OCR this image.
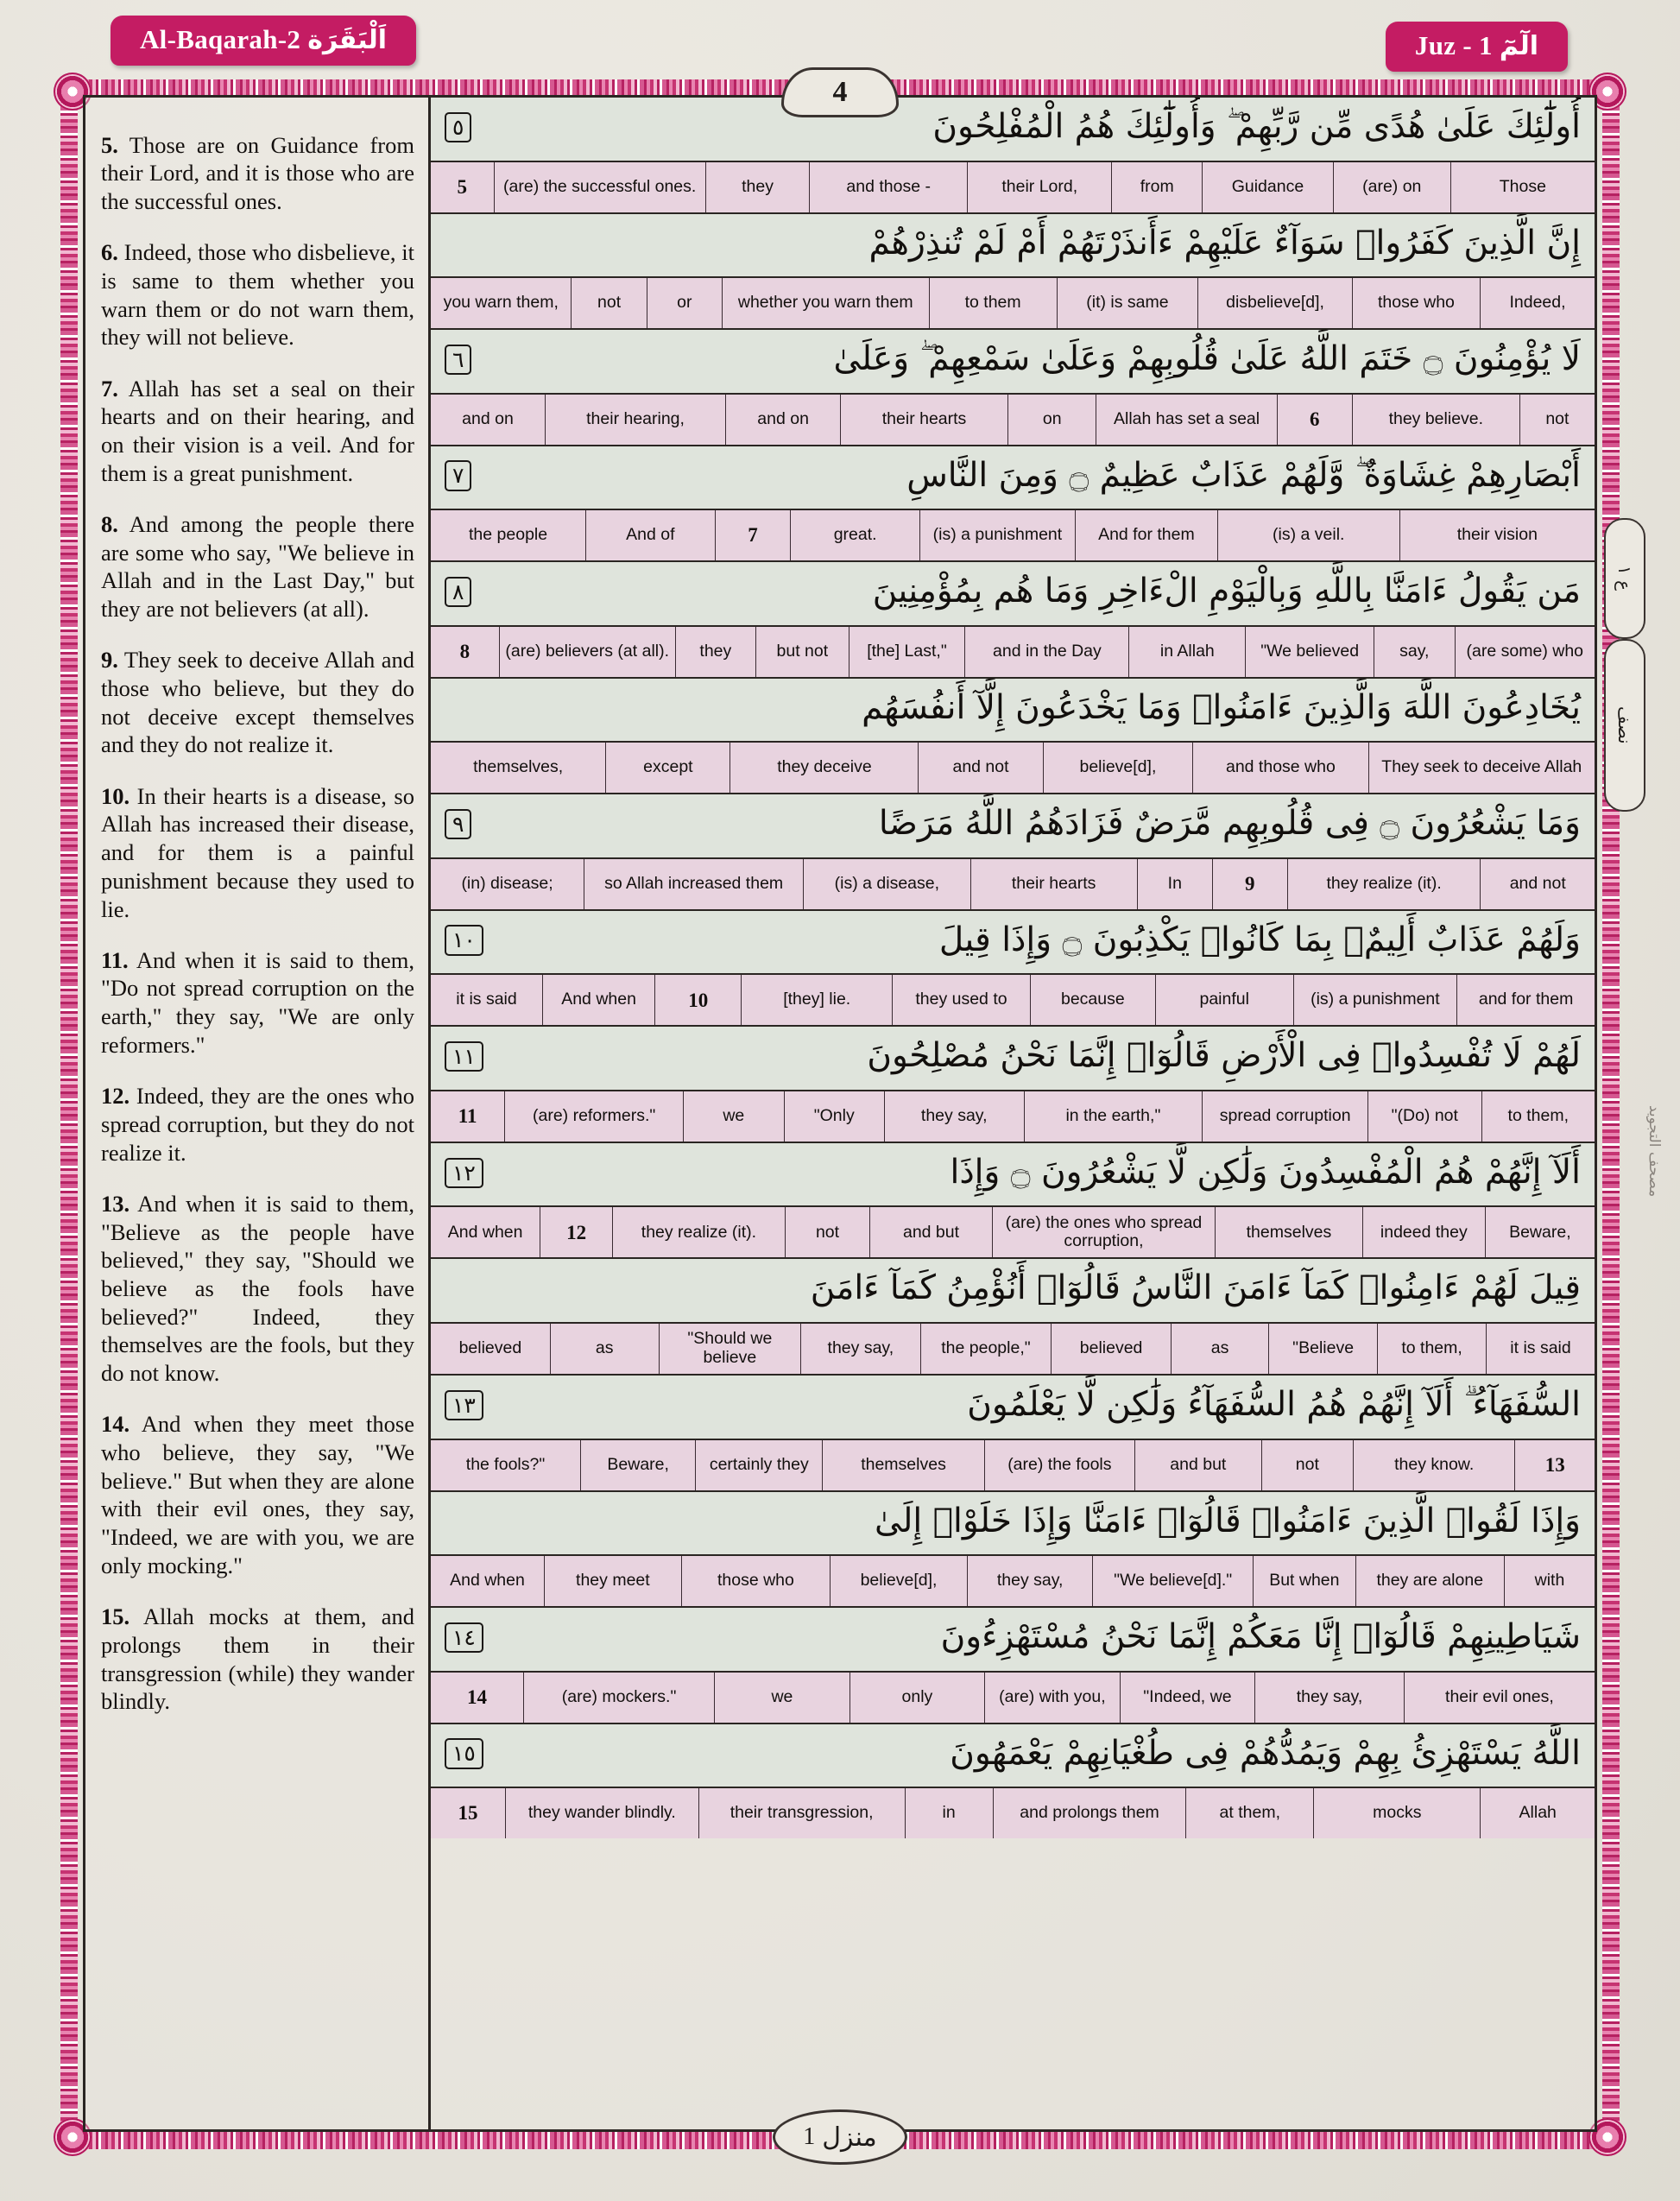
Al-Baqarah-2 اَلْبَقَرَة	Juz - 1 الٓمٓ
4
1 منزل
ع ١
نصف
مصحف التجويد

5. Those are on Guidance from their Lord, and it is those who are the successful ones.

6. Indeed, those who disbelieve, it is same to them whether you warn them or do not warn them, they will not believe.

7. Allah has set a seal on their hearts and on their hearing, and on their vision is a veil. And for them is a great punishment.

8. And among the people there are some who say, "We believe in Allah and in the Last Day," but they are not believers (at all).

9. They seek to deceive Allah and those who believe, but they do not deceive except themselves and they do not realize it.

10. In their hearts is a disease, so Allah has increased their disease, and for them is a painful punishment because they used to lie.

11. And when it is said to them, "Do not spread corruption on the earth," they say, "We are only reformers."

12. Indeed, they are the ones who spread corruption, but they do not realize it.

13. And when it is said to them, "Believe as the people have believed," they say, "Should we believe as the fools have believed?" Indeed, they themselves are the fools, but they do not know.

14. And when they meet those who believe, they say, "We believe." But when they are alone with their evil ones, they say, "Indeed, we are with you, we are only mocking."

15. Allah mocks at them, and prolongs them in their transgression (while) they wander blindly.

أُولَٰٓئِكَ عَلَىٰ هُدًى مِّن رَّبِّهِمْ ۖ وَأُولَٰٓئِكَ هُمُ الْمُفْلِحُونَ
٥
Those
(are) on
Guidance
from
their Lord,
and those -
they
(are) the successful ones.
5
إِنَّ الَّذِينَ كَفَرُوا۟ سَوَآءٌ عَلَيْهِمْ ءَأَنذَرْتَهُمْ أَمْ لَمْ تُنذِرْهُمْ
Indeed,
those who
disbelieve[d],
(it) is same
to them
whether you warn them
or
not
you warn them,
لَا يُؤْمِنُونَ ۝ خَتَمَ اللَّهُ عَلَىٰ قُلُوبِهِمْ وَعَلَىٰ سَمْعِهِمْ ۖ وَعَلَىٰ
٦
not
they believe.
6
Allah has set a seal
on
their hearts
and on
their hearing,
and on
أَبْصَارِهِمْ غِشَاوَةٌ ۖ وَّلَهُمْ عَذَابٌ عَظِيمٌ ۝ وَمِنَ النَّاسِ
٧
their vision
(is) a veil.
And for them
(is) a punishment
great.
7
And of
the people
مَن يَقُولُ ءَامَنَّا بِاللَّهِ وَبِالْيَوْمِ الْءَاخِرِ وَمَا هُم بِمُؤْمِنِينَ
٨
(are some) who
say,
"We believed
in Allah
and in the Day
[the] Last,"
but not
they
(are) believers (at all).
8
يُخَادِعُونَ اللَّهَ وَالَّذِينَ ءَامَنُوا۟ وَمَا يَخْدَعُونَ إِلَّآ أَنفُسَهُم
They seek to deceive Allah
and those who
believe[d],
and not
they deceive
except
themselves,
وَمَا يَشْعُرُونَ ۝ فِى قُلُوبِهِم مَّرَضٌ فَزَادَهُمُ اللَّهُ مَرَضًا
٩
and not
they realize (it).
9
In
their hearts
(is) a disease,
so Allah increased them
(in) disease;
وَلَهُمْ عَذَابٌ أَلِيمٌۢ بِمَا كَانُوا۟ يَكْذِبُونَ ۝ وَإِذَا قِيلَ
١٠
and for them
(is) a punishment
painful
because
they used to
[they] lie.
10
And when
it is said
لَهُمْ لَا تُفْسِدُوا۟ فِى الْأَرْضِ قَالُوٓا۟ إِنَّمَا نَحْنُ مُصْلِحُونَ
١١
to them,
"(Do) not
spread corruption
in the earth,"
they say,
"Only
we
(are) reformers."
11
أَلَآ إِنَّهُمْ هُمُ الْمُفْسِدُونَ وَلَٰكِن لَّا يَشْعُرُونَ ۝ وَإِذَا
١٢
Beware,
indeed they
themselves
(are) the ones who spread corruption,
and but
not
they realize (it).
12
And when
قِيلَ لَهُمْ ءَامِنُوا۟ كَمَآ ءَامَنَ النَّاسُ قَالُوٓا۟ أَنُؤْمِنُ كَمَآ ءَامَنَ
it is said
to them,
"Believe
as
believed
the people,"
they say,
"Should we believe
as
believed
السُّفَهَآءُ ۗ أَلَآ إِنَّهُمْ هُمُ السُّفَهَآءُ وَلَٰكِن لَّا يَعْلَمُونَ
١٣
13
they know.
not
and but
(are) the fools
themselves
certainly they
Beware,
the fools?"
وَإِذَا لَقُوا۟ الَّذِينَ ءَامَنُوا۟ قَالُوٓا۟ ءَامَنَّا وَإِذَا خَلَوْا۟ إِلَىٰ
with
they are alone
But when
"We believe[d]."
they say,
believe[d],
those who
they meet
And when
شَيَاطِينِهِمْ قَالُوٓا۟ إِنَّا مَعَكُمْ إِنَّمَا نَحْنُ مُسْتَهْزِءُونَ
١٤
their evil ones,
they say,
"Indeed, we
(are) with you,
only
we
(are) mockers."
14
اللَّهُ يَسْتَهْزِئُ بِهِمْ وَيَمُدُّهُمْ فِى طُغْيَانِهِمْ يَعْمَهُونَ
١٥
Allah
mocks
at them,
and prolongs them
in
their transgression,
they wander blindly.
15
